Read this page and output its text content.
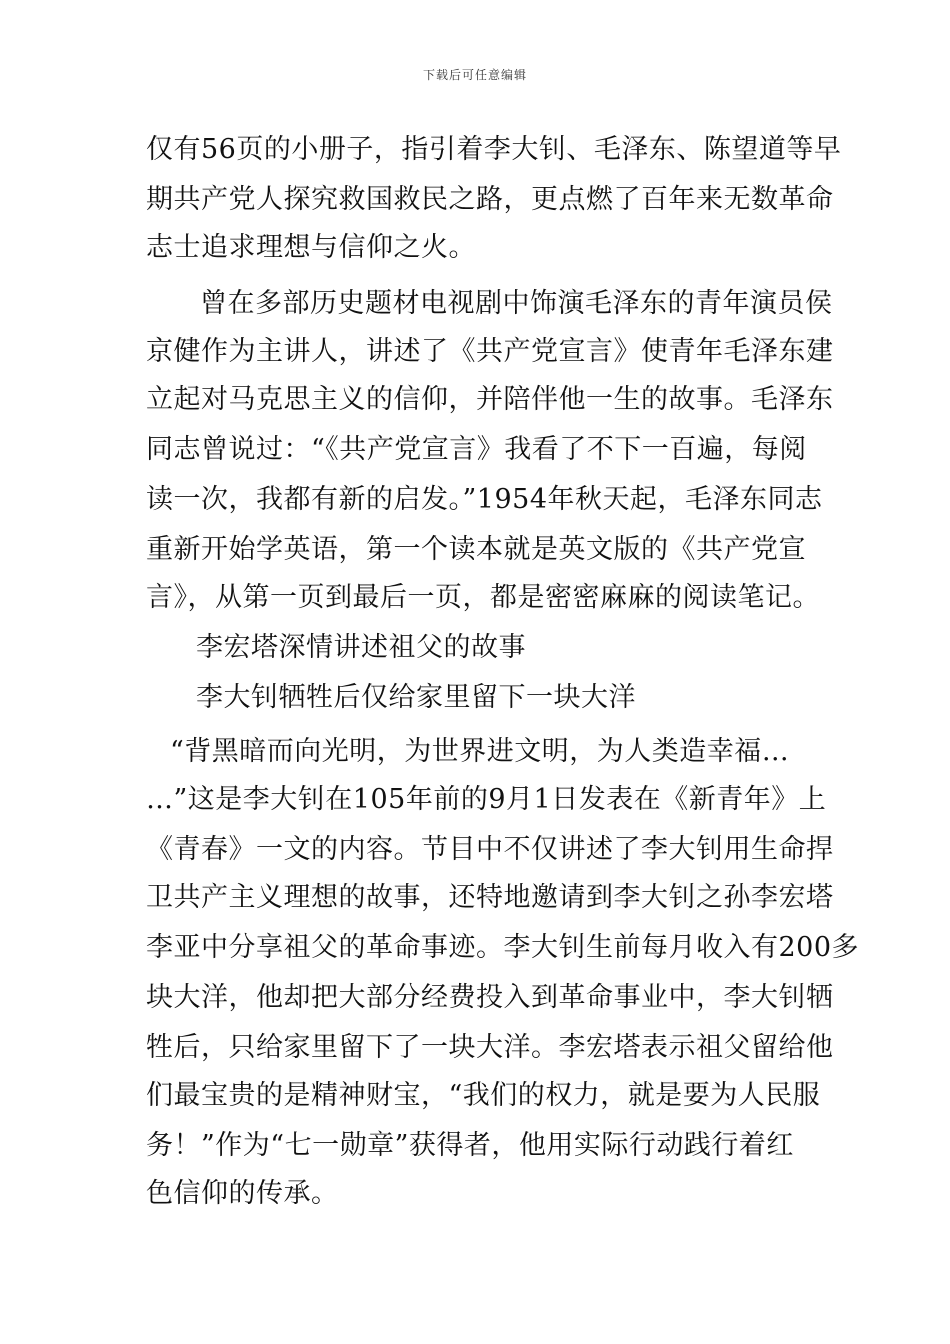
下载后可任意编辑
仅有56页的小册子，指引着李大钊、毛泽东、陈望道等早
期共产党人探究救国救民之路，更点燃了百年来无数革命
志士追求理想与信仰之火。
曾在多部历史题材电视剧中饰演毛泽东的青年演员侯
京健作为主讲人，讲述了《共产党宣言》使青年毛泽东建
立起对马克思主义的信仰，并陪伴他一生的故事。毛泽东
同志曾说过：“《共产党宣言》我看了不下一百遍，每阅
读一次，我都有新的启发。”1954年秋天起，毛泽东同志
重新开始学英语，第一个读本就是英文版的《共产党宣
言》，从第一页到最后一页，都是密密麻麻的阅读笔记。
李宏塔深情讲述祖父的故事
李大钊牺牲后仅给家里留下一块大洋
“背黑暗而向光明，为世界进文明，为人类造幸福…
…”这是李大钊在105年前的9月1日发表在《新青年》上
《青春》一文的内容。节目中不仅讲述了李大钊用生命捍
卫共产主义理想的故事，还特地邀请到李大钊之孙李宏塔
李亚中分享祖父的革命事迹。李大钊生前每月收入有200多
块大洋，他却把大部分经费投入到革命事业中，李大钊牺
牲后，只给家里留下了一块大洋。李宏塔表示祖父留给他
们最宝贵的是精神财宝，“我们的权力，就是要为人民服
务！”作为“七一勋章”获得者，他用实际行动践行着红
色信仰的传承。
